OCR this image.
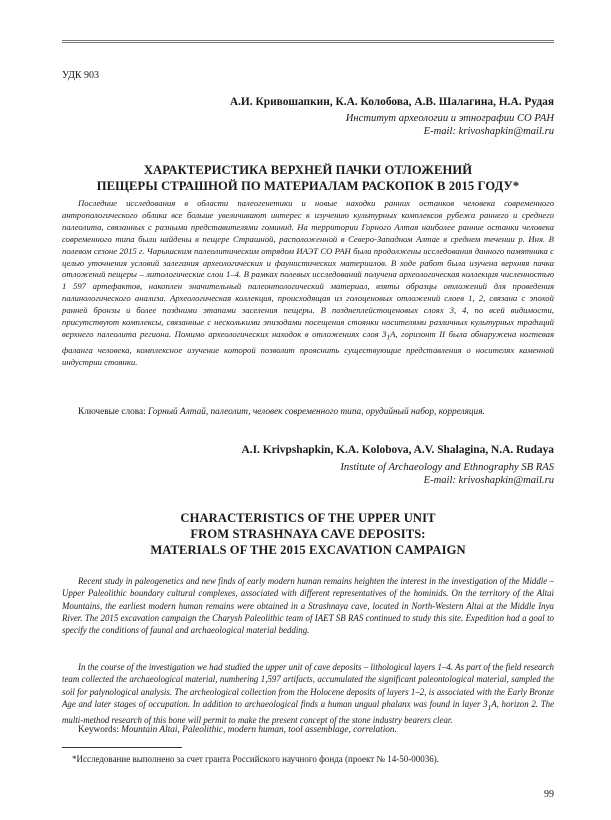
УДК 903
А.И. Кривошапкин, К.А. Колобова, А.В. Шалагина, Н.А. Рудая
Институт археологии и этнографии СО РАН
E-mail: krivoshapkin@mail.ru
ХАРАКТЕРИСТИКА ВЕРХНЕЙ ПАЧКИ ОТЛОЖЕНИЙ
ПЕЩЕРЫ СТРАШНОЙ ПО МАТЕРИАЛАМ РАСКОПОК В 2015 ГОДУ*

Последние исследования в области палеогенетики и новые находки ранних останков человека современного антропологического облика все больше увеличивают интерес к изучению культурных комплексов рубежа раннего и среднего палеолита, связанных с разными представителями гоминид. На территории Горного Алтая наиболее ранние останки человека современного типа были найдены в пещере Страшной, расположенной в Северо-Западном Алтае в среднем течении р. Иня. В полевом сезоне 2015 г. Чарышским палеолитическим отрядом ИАЭТ СО РАН были продолжены исследования данного памятника с целью уточнения условий залегания археологических и фаунистических материалов. В ходе работ была изучена верхняя пачка отложений пещеры – литологические слои 1–4. В рамках полевых исследований получена археологическая коллекция численностью 1 597 артефактов, накоплен значительный палеонтологический материал, взяты образцы отложений для проведения палинологического анализа. Археологическая коллекция, происходящая из голоценовых отложений слоев 1, 2, связана с эпохой ранней бронзы и более поздними этапами заселения пещеры. В позднеплейстоценовых слоях 3, 4, по всей видимости, присутствуют комплексы, связанные с несколькими эпизодами посещения стоянки носителями различных культурных традиций верхнего палеолита региона. Помимо археологических находок в отложениях слоя $3_1А$, горизонт II была обнаружена ногтевая фаланга человека, комплексное изучение которой позволит прояснить существующие представления о носителях каменной индустрии стоянки.

Ключевые слова: Горный Алтай, палеолит, человек современного типа, орудийный набор, корреляция.

A.I. Krivpshapkin, K.A. Kolobova, A.V. Shalagina, N.A. Rudaya
Institute of Archaeology and Ethnography SB RAS
E-mail: krivoshapkin@mail.ru
CHARACTERISTICS OF THE UPPER UNIT
FROM STRASHNAYA CAVE DEPOSITS:
MATERIALS OF THE 2015 EXCAVATION CAMPAIGN

Recent study in paleogenetics and new finds of early modern human remains heighten the interest in the investigation of the Middle – Upper Paleolithic boundary cultural complexes, associated with different representatives of the hominids. On the territory of the Altai Mountains, the earliest modern human remains were obtained in a Strashnaya cave, located in North-Western Altai at the Middle Inya River. The 2015 excavation campaign the Charysh Paleolithic team of IAET SB RAS continued to study this site. Expedition had a goal to specify the conditions of faunal and archaeological material bedding.

In the course of the investigation we had studied the upper unit of cave deposits – lithological layers 1–4. As part of the field research team collected the archaeological material, numbering 1,597 artifacts, accumulated the significant paleontological material, sampled the soil for palynological analysis. The archeological collection from the Holocene deposits of layers 1–2, is associated with the Early Bronze Age and later stages of occupation. In addition to archaeological finds a human ungual phalanx was found in layer $3_1A$, horizon 2. The multi-method research of this bone will permit to make the present concept of the stone industry bearers clear.

Keywords: Mountain Altai, Paleolithic, modern human, tool assemblage, correlation.

*Исследование выполнено за счет гранта Российского научного фонда (проект № 14-50-00036).

99
